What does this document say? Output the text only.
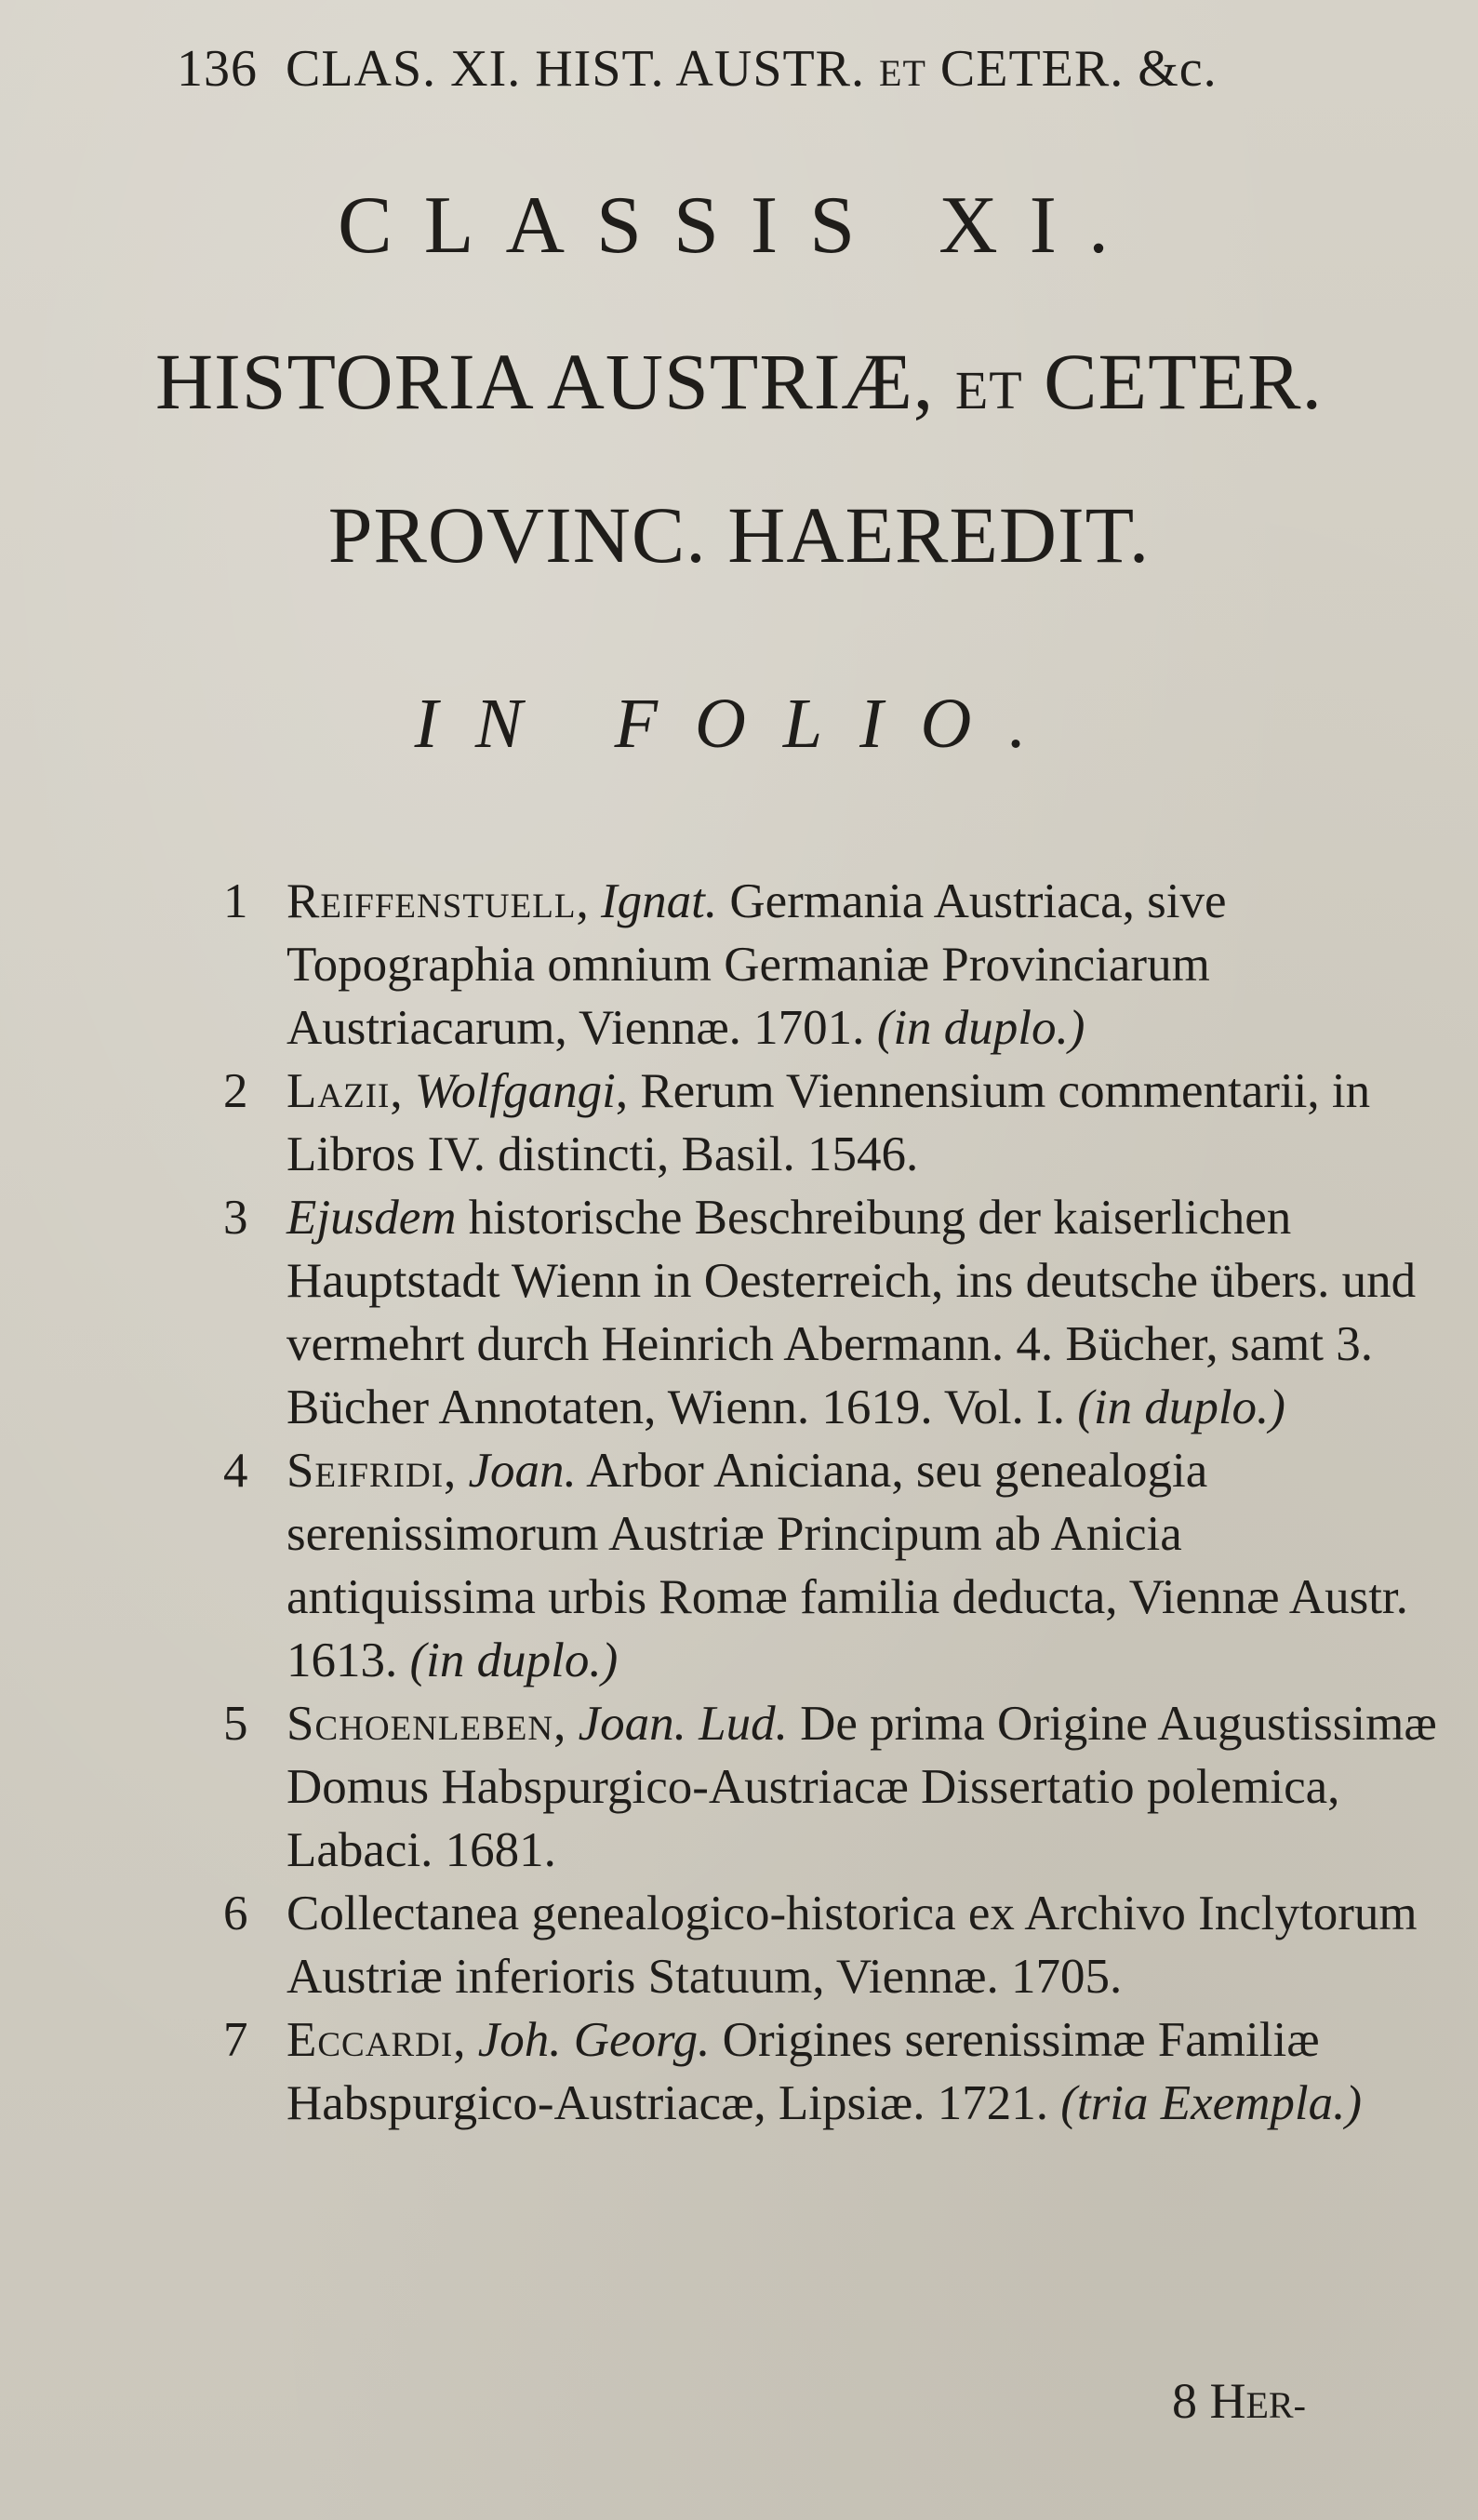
136 CLAS. XI. HIST. AUSTR. ET CETER. &c.
CLASSIS XI.
HISTORIA AUSTRIÆ, ET CETER.
PROVINC. HAEREDIT.
IN FOLIO.
1 Reiffenstuell, Ignat. Germania Austriaca, sive Topographia omnium Germaniæ Provinciarum Austriacarum, Viennæ. 1701. (in duplo.)
2 Lazii, Wolfgangi, Rerum Viennensium commentarii, in Libros IV. distincti, Basil. 1546.
3 Ejusdem historische Beschreibung der kaiserlichen Hauptstadt Wienn in Oesterreich, ins deutsche übers. und vermehrt durch Heinrich Abermann. 4. Bücher, samt 3. Bücher Annotaten, Wienn. 1619. Vol. I. (in duplo.)
4 Seifridi, Joan. Arbor Aniciana, seu genealogia serenissimorum Austriæ Principum ab Anicia antiquissima urbis Romæ familia deducta, Viennæ Austr. 1613. (in duplo.)
5 Schoenleben, Joan. Lud. De prima Origine Augustissimæ Domus Habspurgico-Austriacæ Dissertatio polemica, Labaci. 1681.
6 Collectanea genealogico-historica ex Archivo Inclytorum Austriæ inferioris Statuum, Viennæ. 1705.
7 Eccardi, Joh. Georg. Origines serenissimæ Familiæ Habspurgico-Austriacæ, Lipsiæ. 1721. (tria Exempla.)
8 HER-
